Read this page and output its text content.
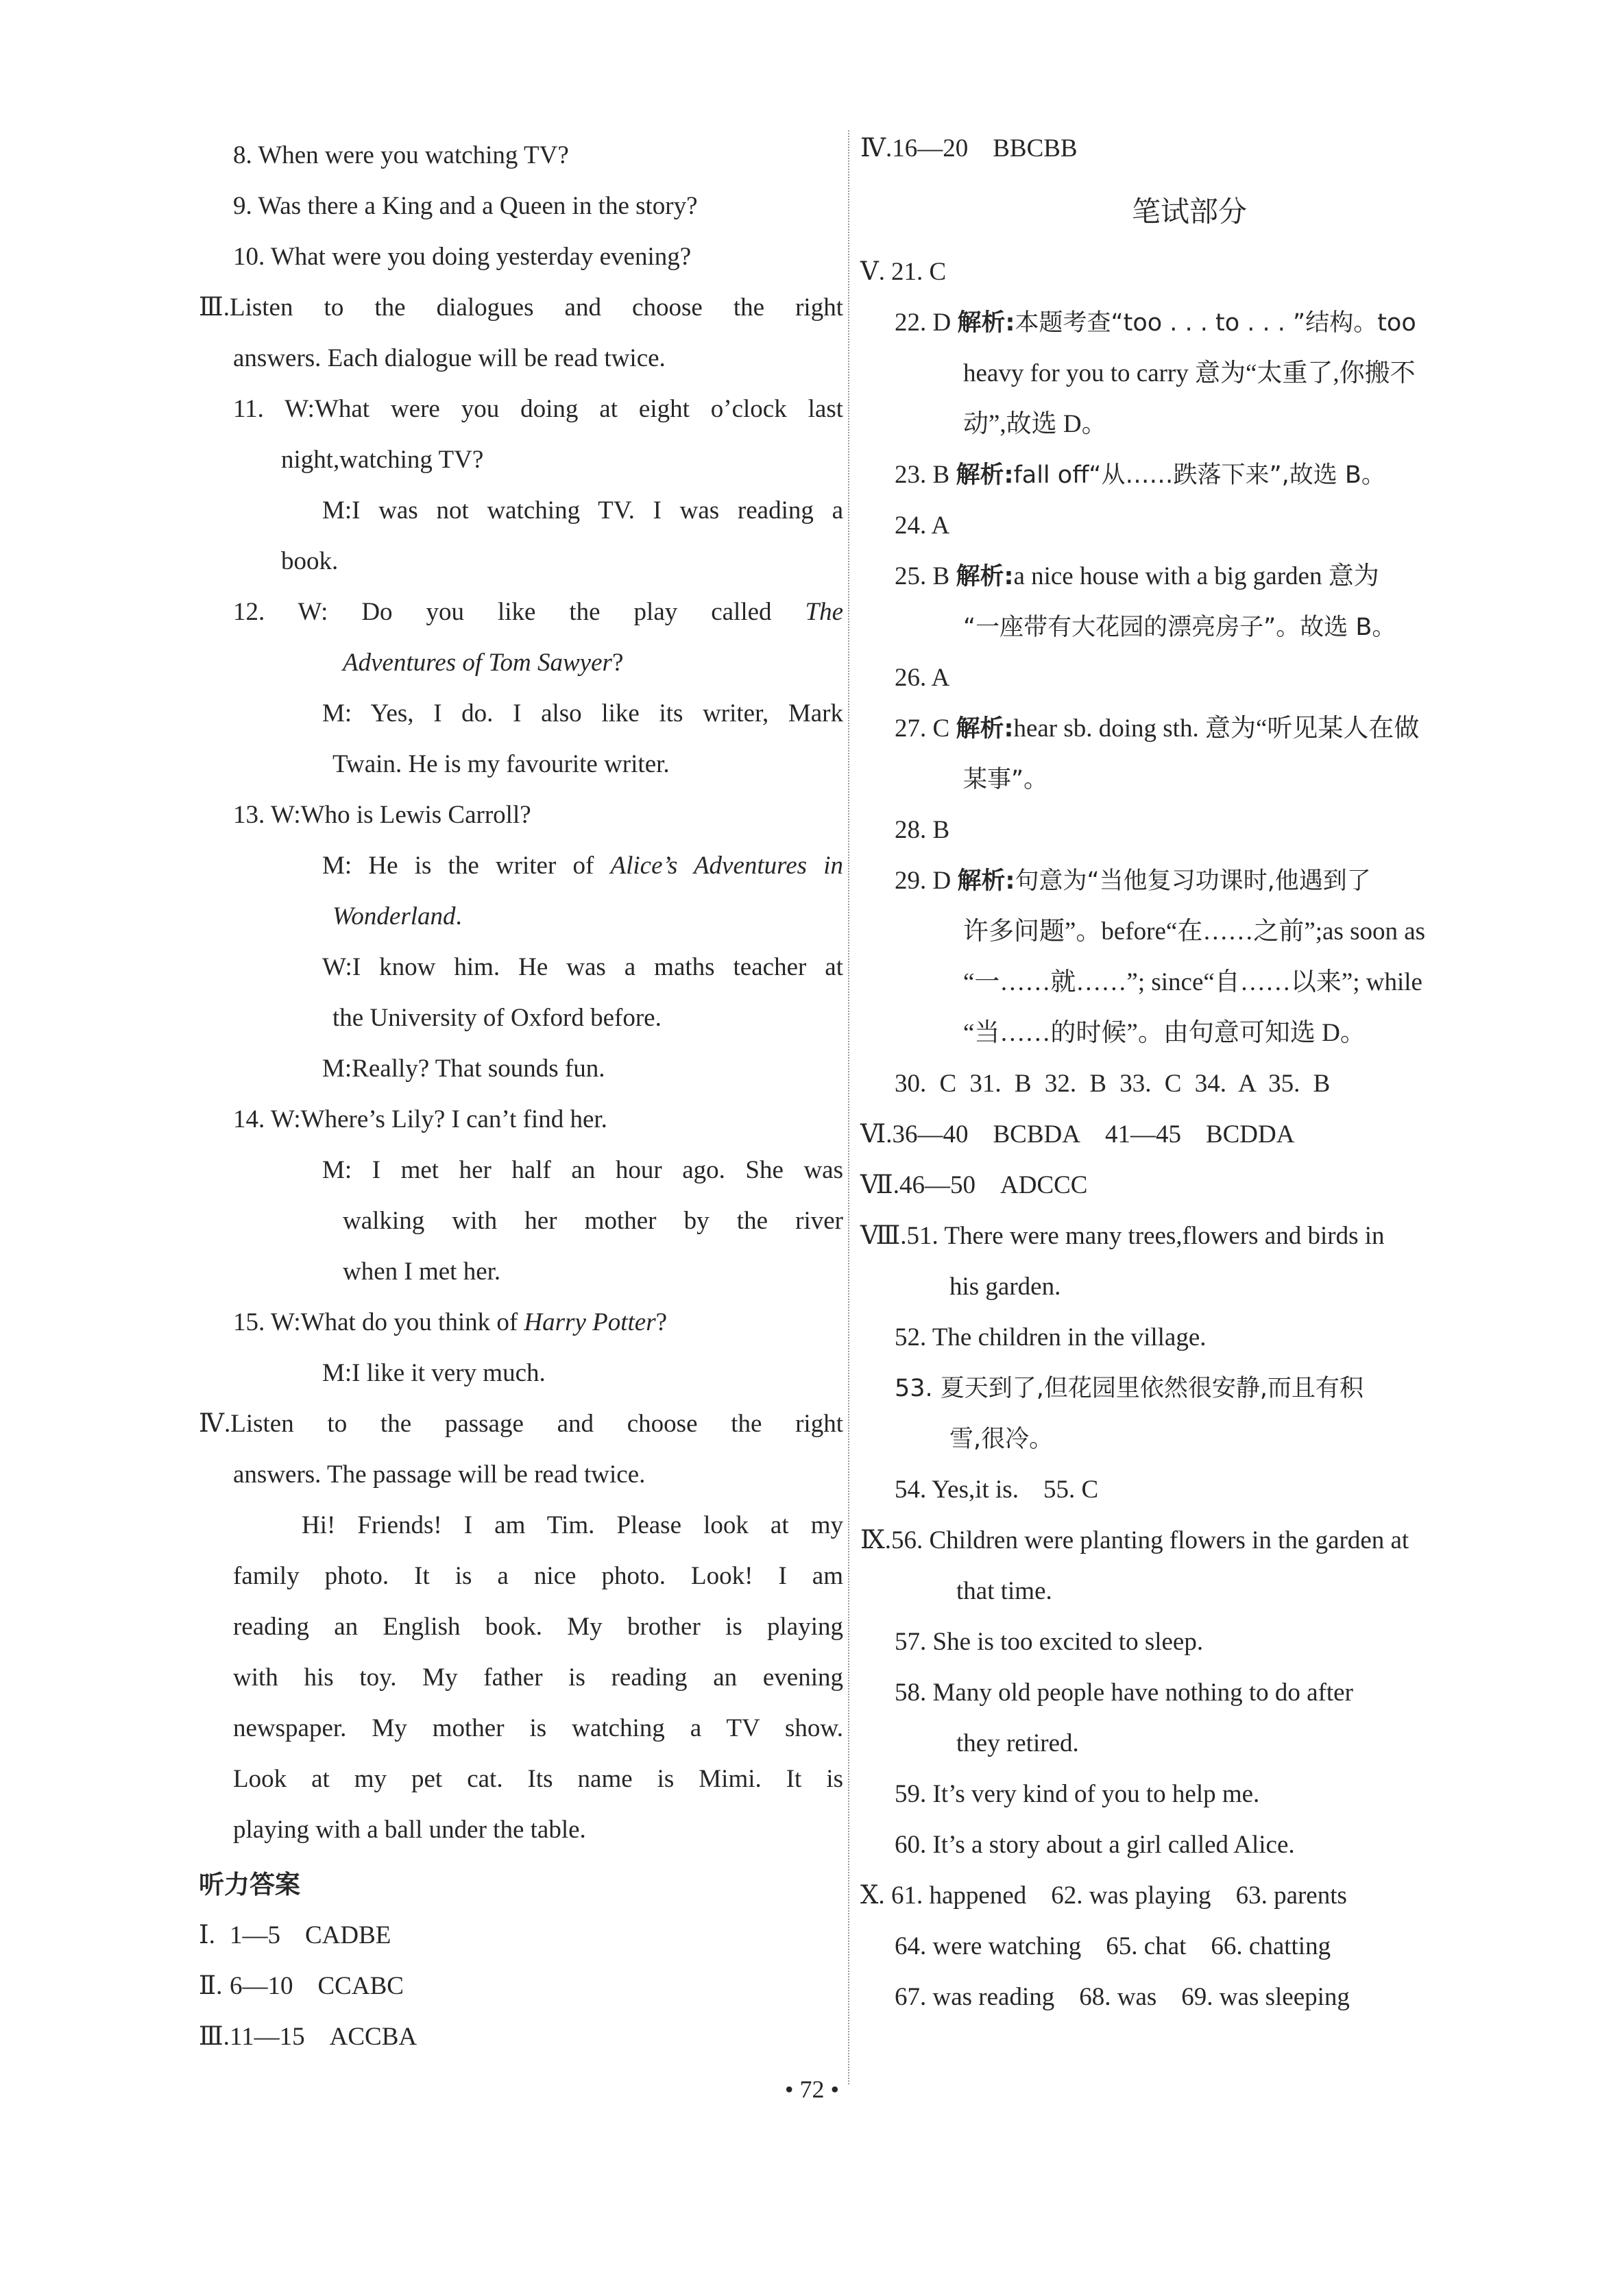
8. When were you watching TV?
9. Was there a King and a Queen in the story?
10. What were you doing yesterday evening?
Ⅲ.Listen to the dialogues and choose the right
answers. Each dialogue will be read twice.
11. W:What were you doing at eight o’clock last
night,watching TV?
M:I was not watching TV. I was reading a
book.
12. W: Do you like the play called The
Adventures of Tom Sawyer?
M: Yes, I do. I also like its writer, Mark
Twain. He is my favourite writer.
13. W:Who is Lewis Carroll?
M: He is the writer of Alice’s Adventures in
Wonderland.
W:I know him. He was a maths teacher at
the University of Oxford before.
M:Really? That sounds fun.
14. W:Where’s Lily? I can’t find her.
M: I met her half an hour ago. She was
walking with her mother by the river
when I met her.
15. W:What do you think of Harry Potter?
M:I like it very much.
Ⅳ.Listen to the passage and choose the right
answers. The passage will be read twice.
Hi! Friends! I am Tim. Please look at my
family photo. It is a nice photo. Look! I am
reading an English book. My brother is playing
with his toy. My father is reading an evening
newspaper. My mother is watching a TV show.
Look at my pet cat. Its name is Mimi. It is
playing with a ball under the table.
听力答案
Ⅰ. 1—5 CADBE
Ⅱ. 6—10 CCABC
Ⅲ.11—15 ACCBA
Ⅳ.16—20 BBCBB
笔试部分
Ⅴ. 21. C
22. D 解析:本题考查“too . . . to . . . ”结构。too
heavy for you to carry 意为“太重了,你搬不
动”,故选 D。
23. B 解析:fall off“从……跌落下来”,故选 B。
24. A
25. B 解析:a nice house with a big garden 意为
“一座带有大花园的漂亮房子”。故选 B。
26. A
27. C 解析:hear sb. doing sth. 意为“听见某人在做
某事”。
28. B
29. D 解析:句意为“当他复习功课时,他遇到了
许多问题”。before“在……之前”;as soon as
“一……就……”; since“自……以来”; while
“当……的时候”。由句意可知选 D。
30. C 31. B 32. B 33. C 34. A 35. B
Ⅵ.36—40 BCBDA 41—45 BCDDA
Ⅶ.46—50 ADCCC
Ⅷ.51. There were many trees,flowers and birds in
his garden.
52. The children in the village.
53. 夏天到了,但花园里依然很安静,而且有积
雪,很冷。
54. Yes,it is. 55. C
Ⅸ.56. Children were planting flowers in the garden at
that time.
57. She is too excited to sleep.
58. Many old people have nothing to do after
they retired.
59. It’s very kind of you to help me.
60. It’s a story about a girl called Alice.
Ⅹ. 61. happened 62. was playing 63. parents
64. were watching 65. chat 66. chatting
67. was reading 68. was 69. was sleeping
• 72 •
